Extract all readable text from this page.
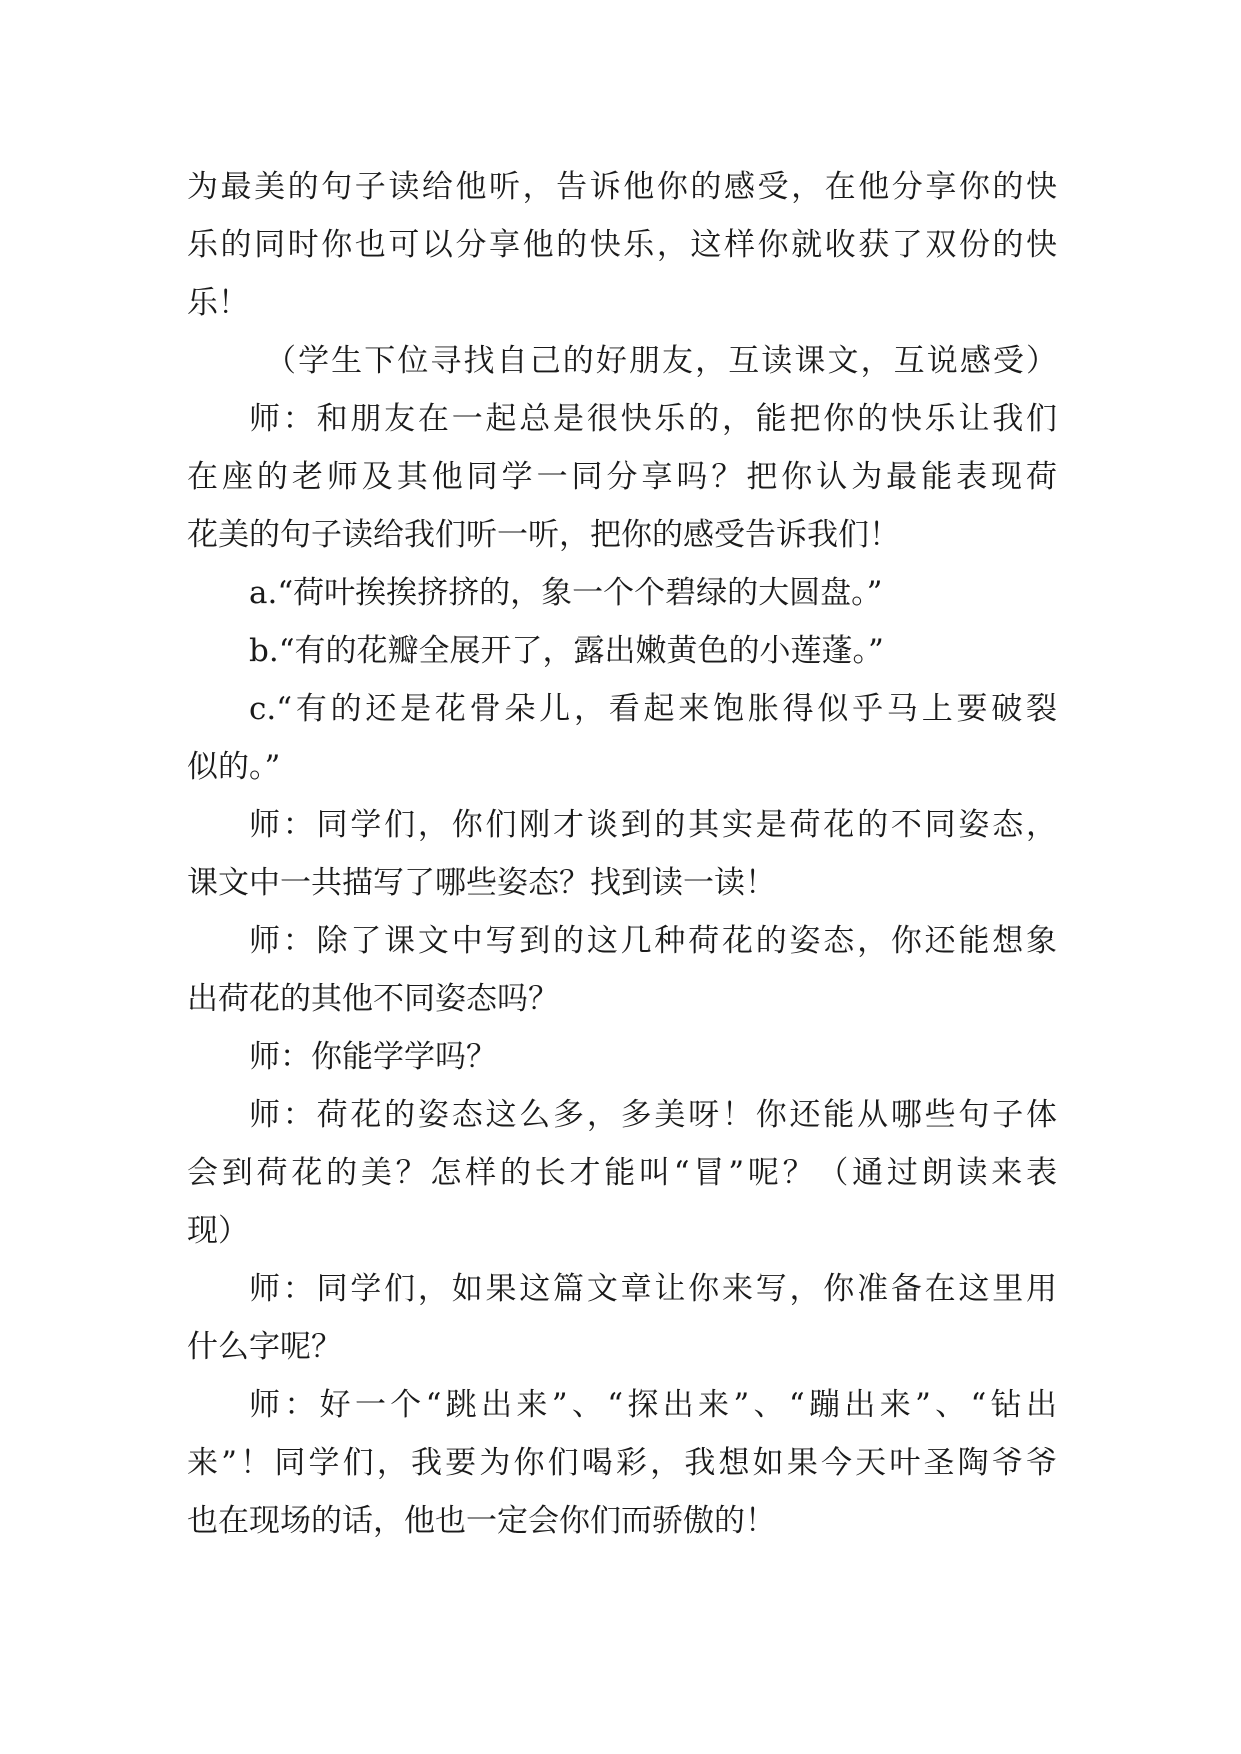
为最美的句子读给他听，告诉他你的感受，在他分享你的快
乐的同时你也可以分享他的快乐，这样你就收获了双份的快
乐！
（学生下位寻找自己的好朋友，互读课文，互说感受）
师：和朋友在一起总是很快乐的，能把你的快乐让我们
在座的老师及其他同学一同分享吗？把你认为最能表现荷
花美的句子读给我们听一听，把你的感受告诉我们！
a.“荷叶挨挨挤挤的，象一个个碧绿的大圆盘。”
b.“有的花瓣全展开了，露出嫩黄色的小莲蓬。”
c.“有的还是花骨朵儿，看起来饱胀得似乎马上要破裂
似的。”
师：同学们，你们刚才谈到的其实是荷花的不同姿态，
课文中一共描写了哪些姿态？找到读一读！
师：除了课文中写到的这几种荷花的姿态，你还能想象
出荷花的其他不同姿态吗？
师：你能学学吗？
师：荷花的姿态这么多，多美呀！你还能从哪些句子体
会到荷花的美？怎样的长才能叫“冒”呢？（通过朗读来表
现）
师：同学们，如果这篇文章让你来写，你准备在这里用
什么字呢？
师：好一个“跳出来”、“探出来”、“蹦出来”、“钻出
来”！同学们，我要为你们喝彩，我想如果今天叶圣陶爷爷
也在现场的话，他也一定会你们而骄傲的！
